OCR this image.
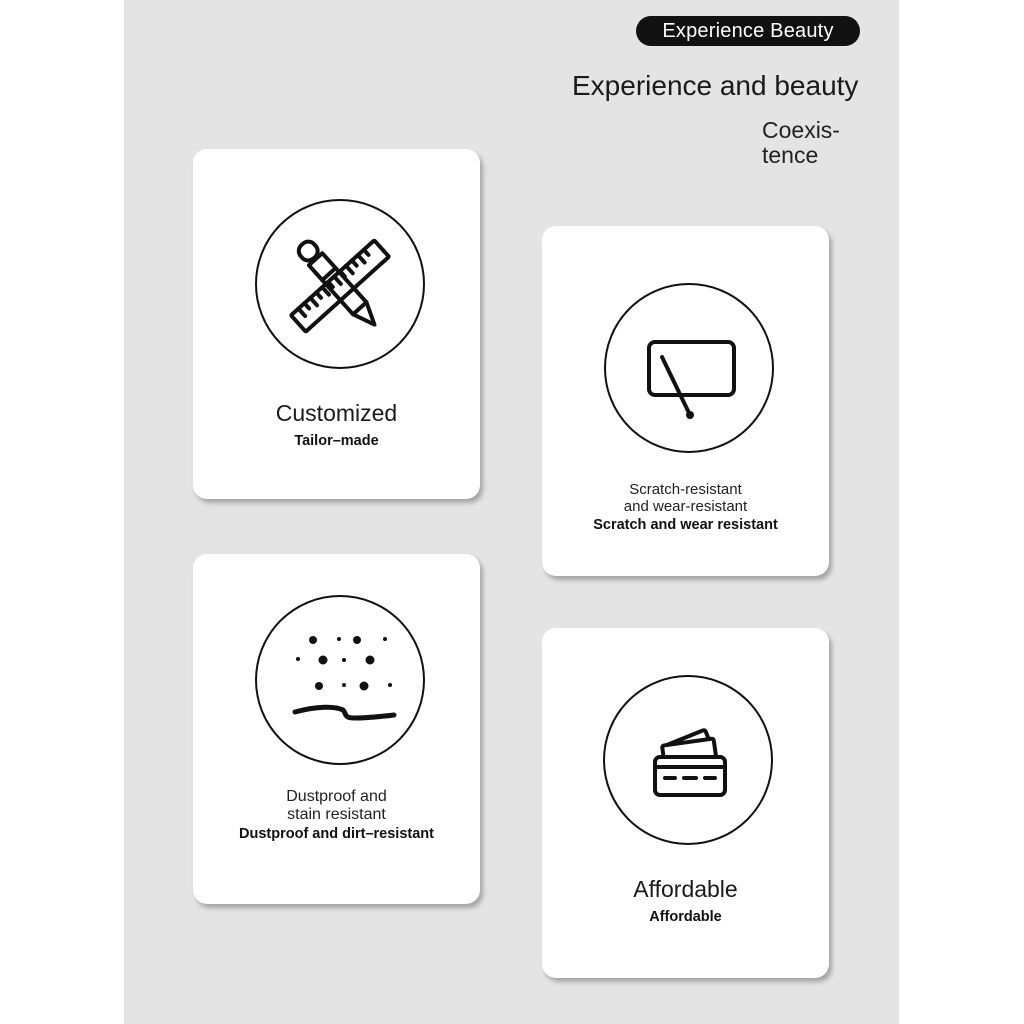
Experience Beauty
Experience and beauty
Coexis-
tence
Customized
Tailor–made
Scratch-resistant
and wear-resistant
Scratch and wear resistant
Dustproof and
stain resistant
Dustproof and dirt–resistant
Affordable
Affordable
